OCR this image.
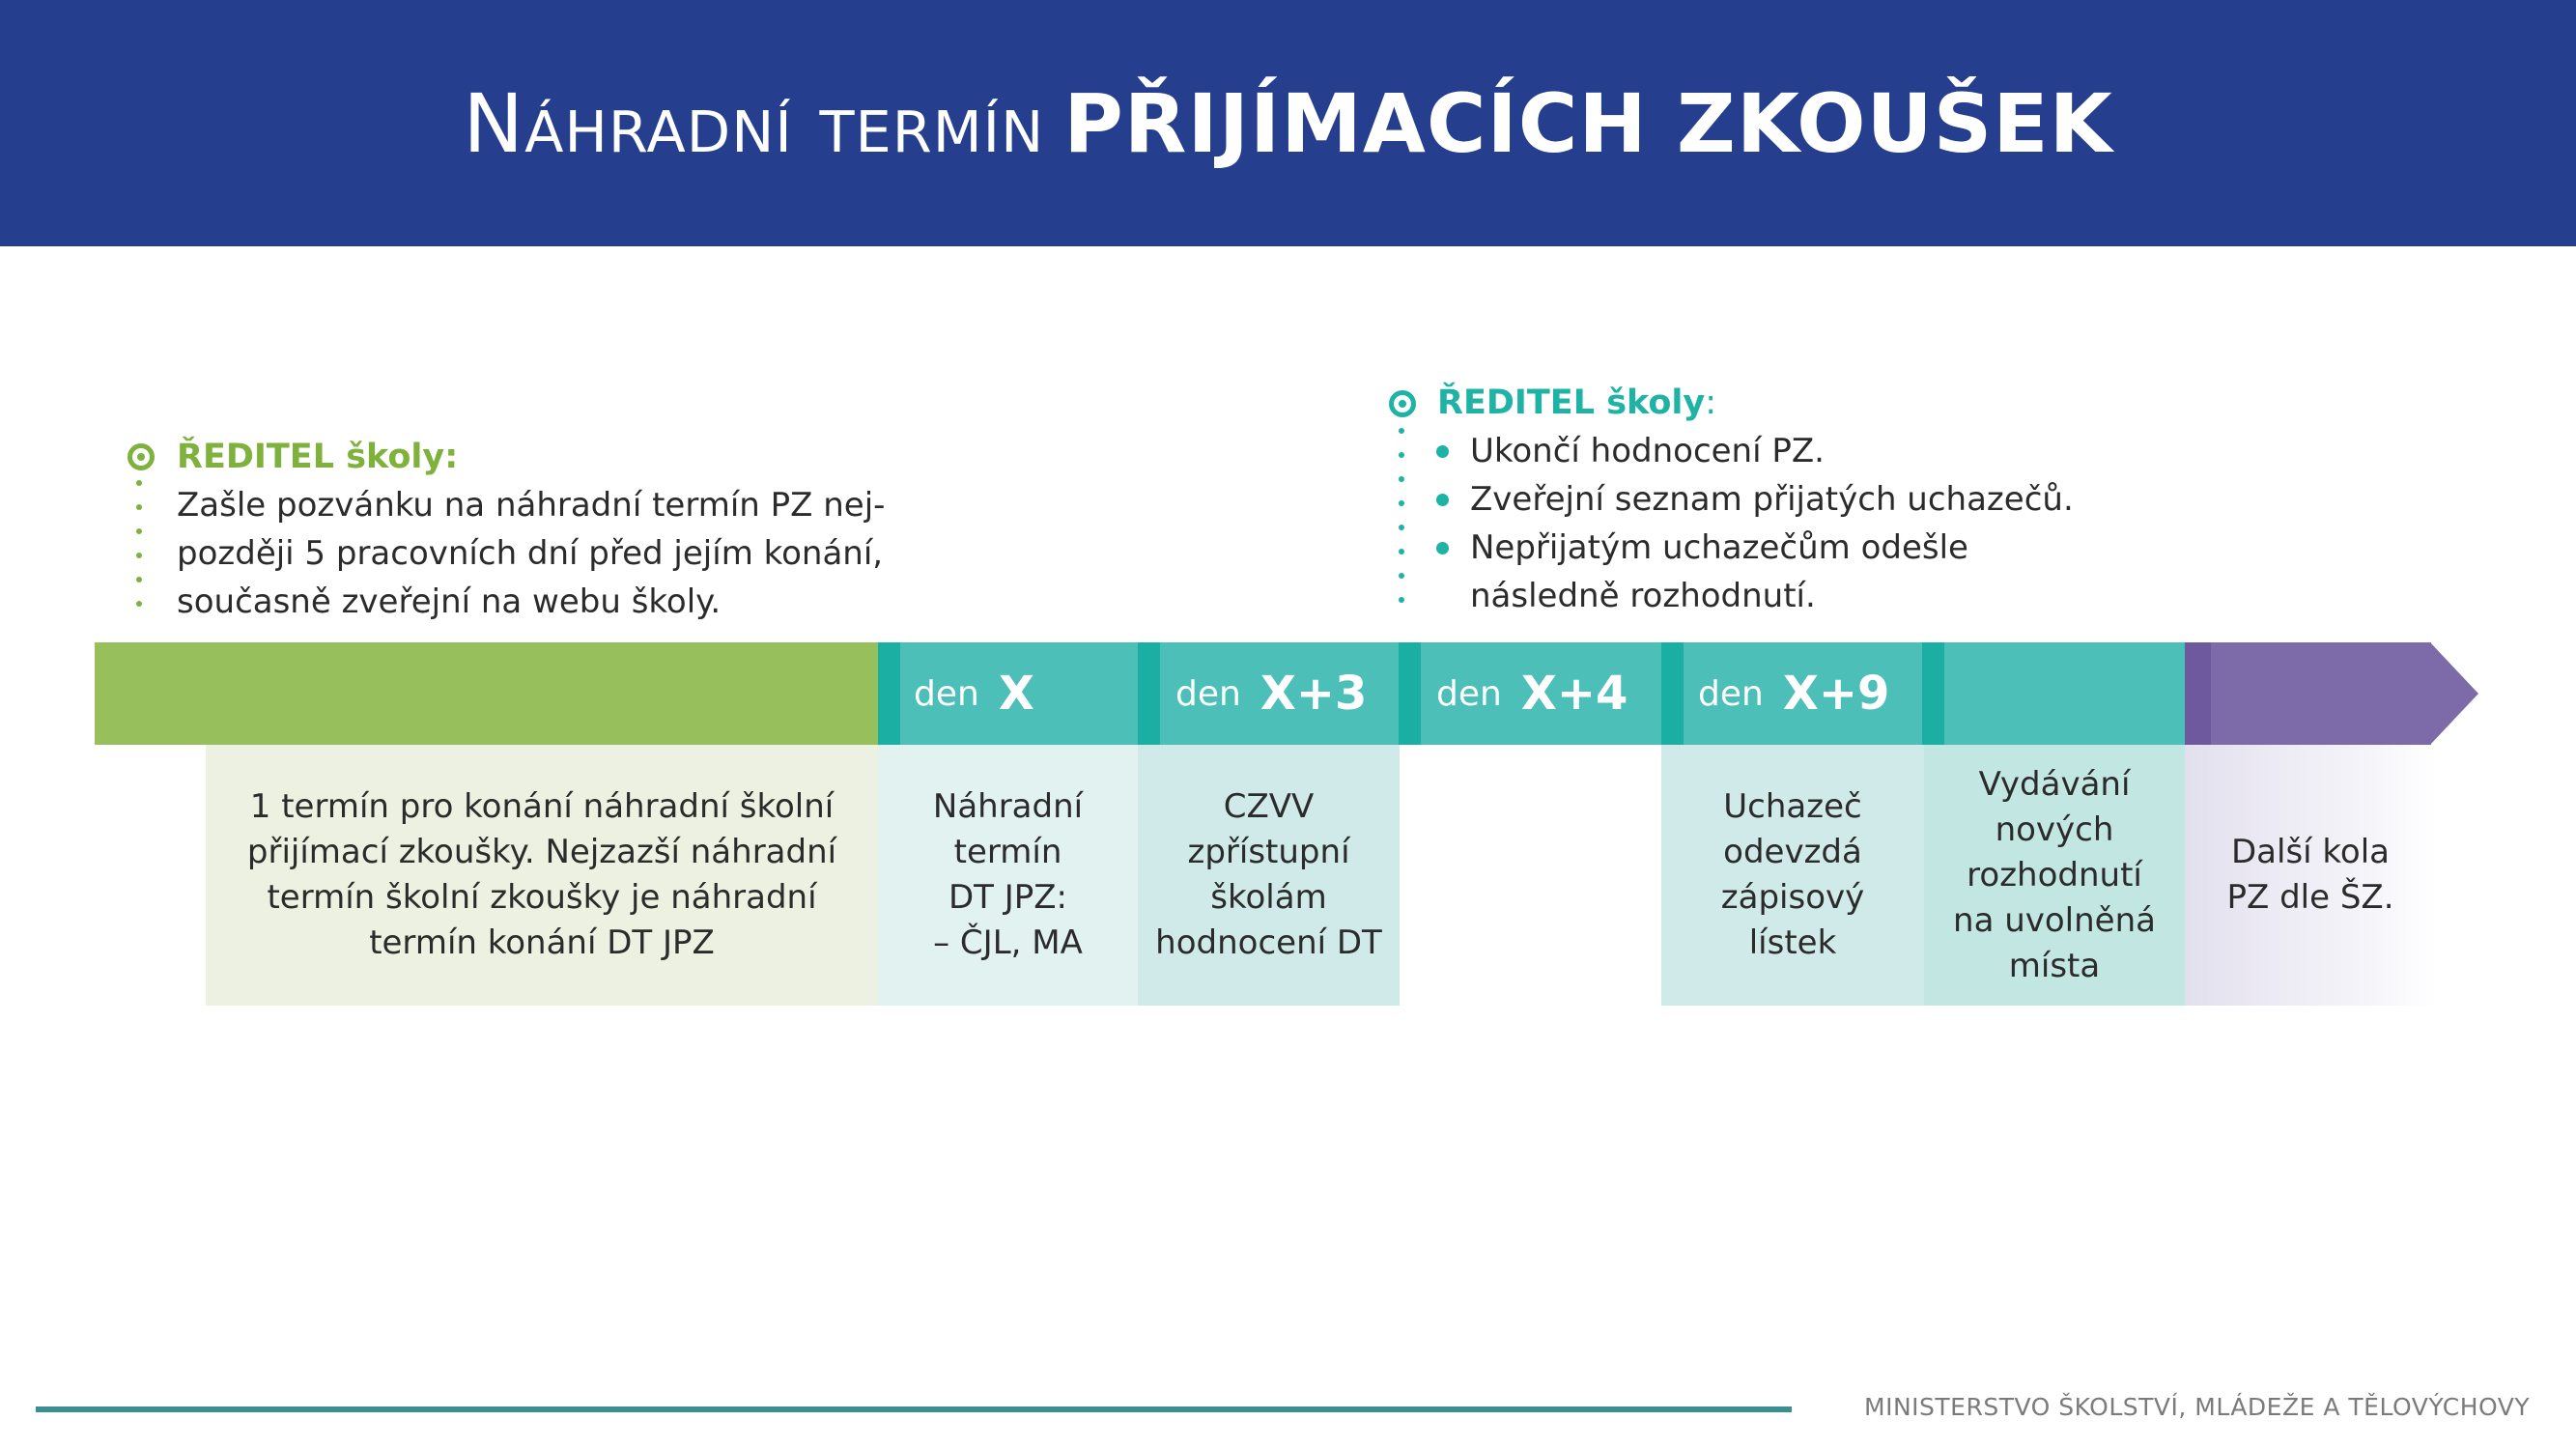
Náhradní termín PŘIJÍMACÍCH ZKOUŠEK
ŘEDITEL školy:
Zašle pozvánku na náhradní termín PZ nej-
později 5 pracovních dní před jejím konání,
současně zveřejní na webu školy.
ŘEDITEL školy:
Ukončí hodnocení PZ.
Zveřejní seznam přijatých uchazečů.
Nepřijatým uchazečům odešle
následně rozhodnutí.
den X	den X+3 den X+4 den X+9
1 termín pro konání náhradní školní
přijímací zkoušky. Nejzazší náhradní
termín školní zkoušky je náhradní
termín konání DT JPZ
Náhradní
termín
DT JPZ:
– ČJL, MA
CZVV
zpřístupní
školám
hodnocení DT
Uchazeč
odevzdá
zápisový
lístek
Vydávání
nových
rozhodnutí
na uvolněná
místa
Další kola
PZ dle ŠZ.
MINISTERSTVO ŠKOLSTVÍ, MLÁDEŽE A TĚLOVÝCHOVY
